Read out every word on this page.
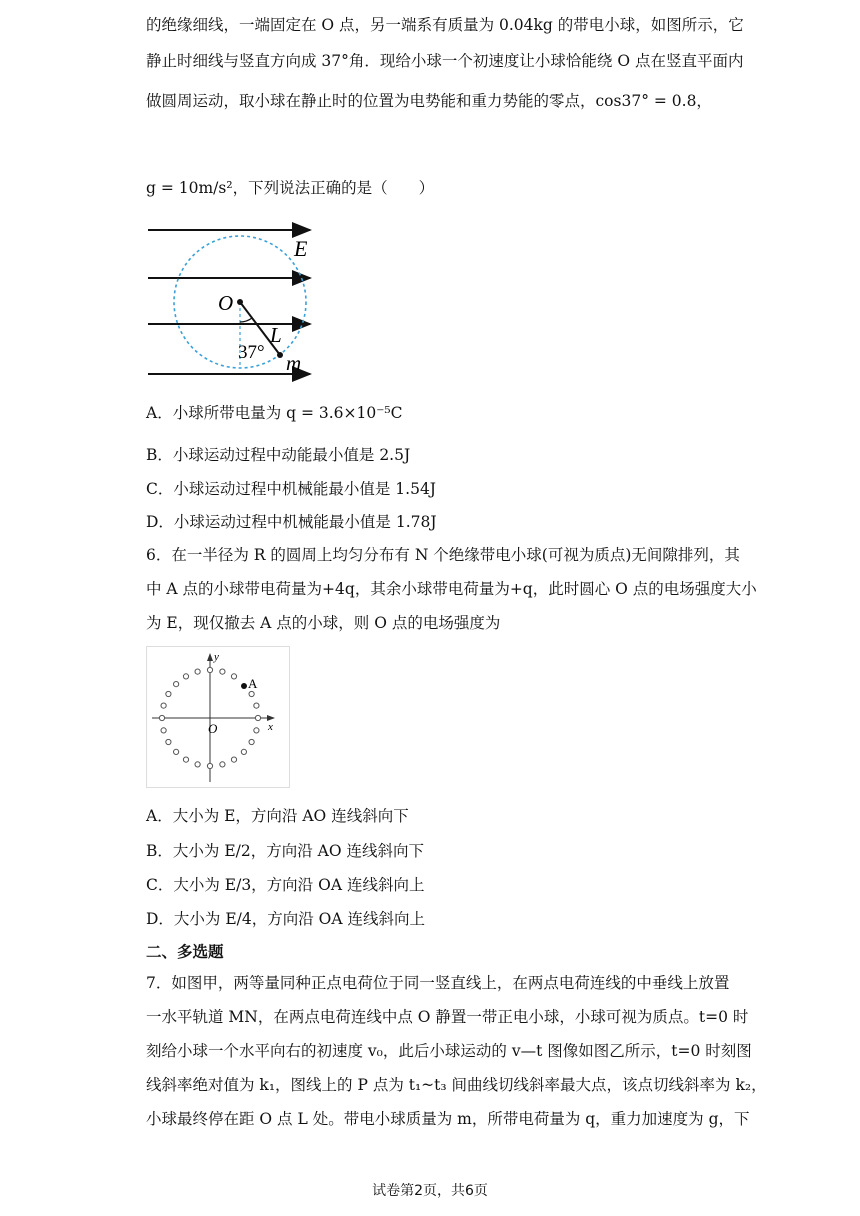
的绝缘细线，一端固定在 O 点，另一端系有质量为 0.04kg 的带电小球，如图所示，它
静止时细线与竖直方向成 37°角．现给小球一个初速度让小球恰能绕 O 点在竖直平面内
做圆周运动，取小球在静止时的位置为电势能和重力势能的零点，cos37° = 0.8，
g = 10m/s²，下列说法正确的是（　　）
E
O
L
37° m
A．小球所带电量为 q = 3.6×10⁻⁵C
B．小球运动过程中动能最小值是 2.5J
C．小球运动过程中机械能最小值是 1.54J
D．小球运动过程中机械能最小值是 1.78J
6．在一半径为 R 的圆周上均匀分布有 N 个绝缘带电小球(可视为质点)无间隙排列，其
中 A 点的小球带电荷量为+4q，其余小球带电荷量为+q，此时圆心 O 点的电场强度大小
为 E，现仅撤去 A 点的小球，则 O 点的电场强度为
y
x
O
A
A．大小为 E，方向沿 AO 连线斜向下
B．大小为 E/2，方向沿 AO 连线斜向下
C．大小为 E/3，方向沿 OA 连线斜向上
D．大小为 E/4，方向沿 OA 连线斜向上
二、多选题
7．如图甲，两等量同种正点电荷位于同一竖直线上，在两点电荷连线的中垂线上放置
一水平轨道 MN，在两点电荷连线中点 O 静置一带正电小球，小球可视为质点。t=0 时
刻给小球一个水平向右的初速度 v₀，此后小球运动的 v—t 图像如图乙所示，t=0 时刻图
线斜率绝对值为 k₁，图线上的 P 点为 t₁~t₃ 间曲线切线斜率最大点，该点切线斜率为 k₂，
小球最终停在距 O 点 L 处。带电小球质量为 m，所带电荷量为 q，重力加速度为 g，下
试卷第2页，共6页
